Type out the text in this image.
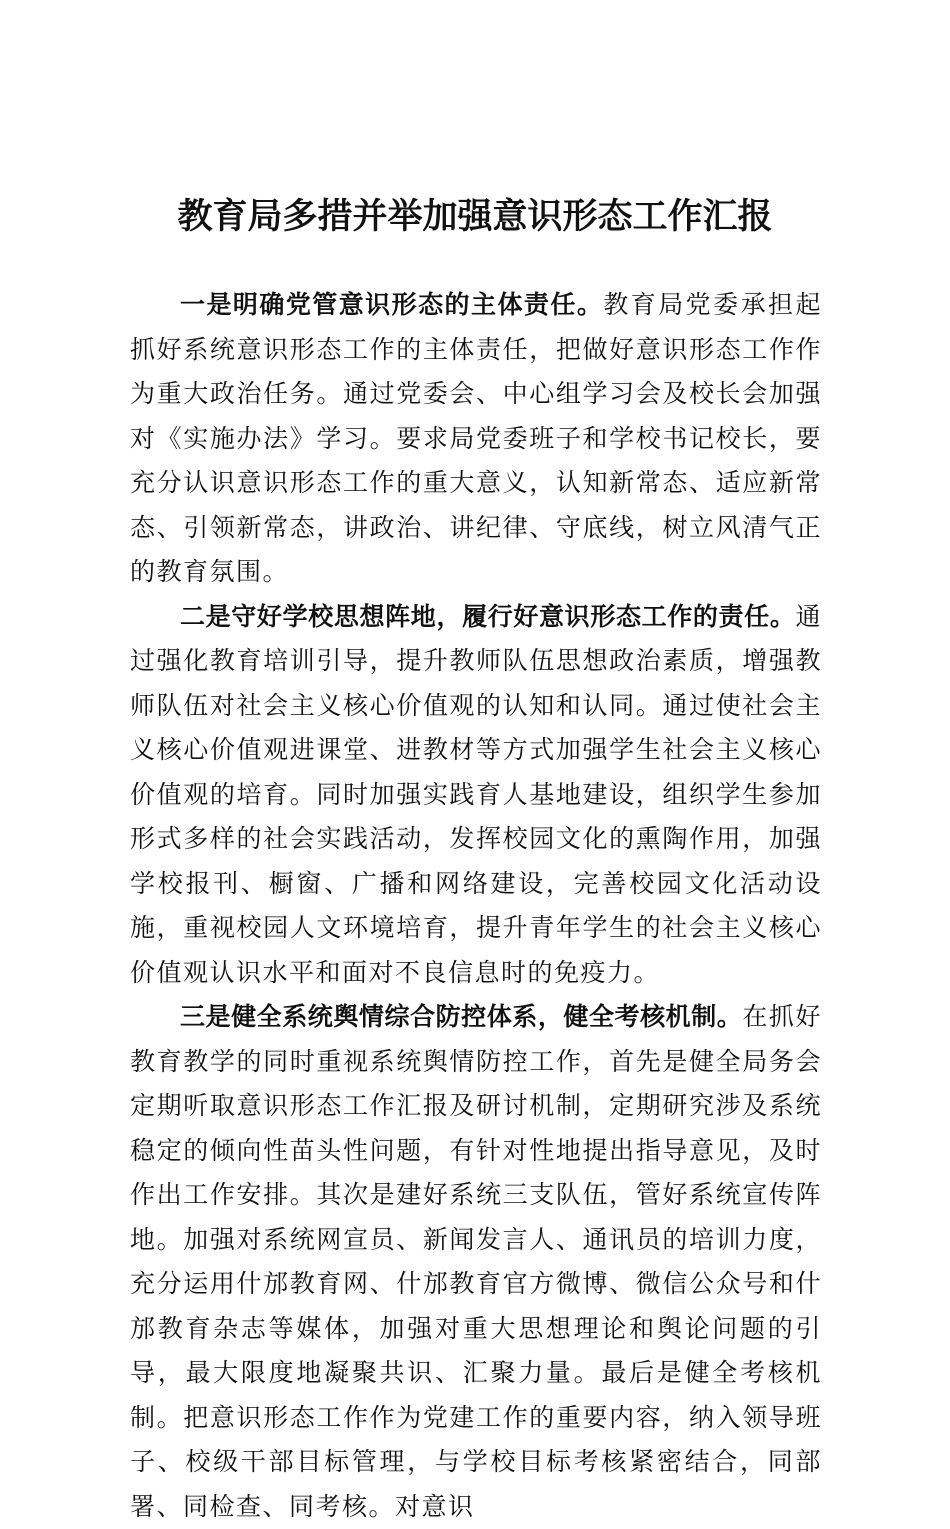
教育局多措并举加强意识形态工作汇报

一是明确党管意识形态的主体责任。教育局党委承担起抓好系统意识形态工作的主体责任，把做好意识形态工作作为重大政治任务。通过党委会、中心组学习会及校长会加强对《实施办法》学习。要求局党委班子和学校书记校长，要充分认识意识形态工作的重大意义，认知新常态、适应新常态、引领新常态，讲政治、讲纪律、守底线，树立风清气正的教育氛围。

二是守好学校思想阵地，履行好意识形态工作的责任。通过强化教育培训引导，提升教师队伍思想政治素质，增强教师队伍对社会主义核心价值观的认知和认同。通过使社会主义核心价值观进课堂、进教材等方式加强学生社会主义核心价值观的培育。同时加强实践育人基地建设，组织学生参加形式多样的社会实践活动，发挥校园文化的熏陶作用，加强学校报刊、橱窗、广播和网络建设，完善校园文化活动设施，重视校园人文环境培育，提升青年学生的社会主义核心价值观认识水平和面对不良信息时的免疫力。

三是健全系统舆情综合防控体系，健全考核机制。在抓好教育教学的同时重视系统舆情防控工作，首先是健全局务会定期听取意识形态工作汇报及研讨机制，定期研究涉及系统稳定的倾向性苗头性问题，有针对性地提出指导意见，及时作出工作安排。其次是建好系统三支队伍，管好系统宣传阵地。加强对系统网宣员、新闻发言人、通讯员的培训力度，充分运用什邡教育网、什邡教育官方微博、微信公众号和什邡教育杂志等媒体，加强对重大思想理论和舆论问题的引导，最大限度地凝聚共识、汇聚力量。最后是健全考核机制。把意识形态工作作为党建工作的重要内容，纳入领导班子、校级干部目标管理，与学校目标考核紧密结合，同部署、同检查、同考核。对意识
